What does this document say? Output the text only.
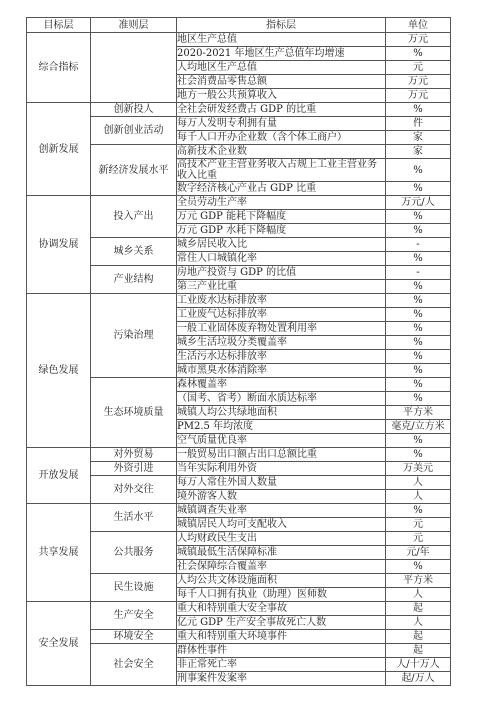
目标层	准则层	指标层	单位
综合指标		地区生产总值	万元
		2020-2021 年地区生产总值年均增速	%
		人均地区生产总值	元
		社会消费品零售总额	万元
		地方一般公共预算收入	万元
创新发展	创新投人	全社会研发经费占 GDP 的比重	%
	创新创业活动	每万人发明专利拥有量	件
		每千人口开办企业数（含个体工商户）	家
	新经济发展水平	高新技术企业数	家
		高技术产业主营业务收入占规上工业主营业务收入比重	%
		数字经济核心产业占 GDP 比重	%
协调发展	投入产出	全员劳动生产率	万元/人
		万元 GDP 能耗下降幅度	%
		万元 GDP 水耗下降幅度	%
	城乡关系	城乡居民收入比	-
		常住人口城镇化率	%
	产业结构	房地产投资与 GDP 的比值	-
		第三产业比重	%
绿色发展	污染治理	工业废水达标排放率	%
		工业废气达标排放率	%
		一般工业固体废弃物处置利用率	%
		城乡生活垃圾分类覆盖率	%
		生活污水达标排放率	%
		城市黑臭水体消除率	%
	生态环境质量	森林覆盖率	%
		（国考、省考）断面水质达标率	%
		城镇人均公共绿地面积	平方米
		PM2.5 年均浓度	毫克/立方米
		空气质量优良率	%
开放发展	对外贸易	一般贸易出口额占出口总额比重	%
	外资引进	当年实际利用外资	万美元
	对外交往	每万人常住外国人数量	人
		境外游客人数	人
共享发展	生活水平	城镇调查失业率	%
		城镇居民人均可支配收入	元
	公共服务	人均财政民生支出	元
		城镇最低生活保障标准	元/年
		社会保障综合覆盖率	%
	民生设施	人均公共文体设施面积	平方米
		每千人口拥有执业（助理）医师数	人
安全发展	生产安全	重大和特别重大安全事故	起
		亿元 GDP 生产安全事故死亡人数	人
	环境安全	重大和特别重大环境事件	起
	社会安全	群体性事件	起
		非正常死亡率	人/十万人
		刑事案件发案率	起/万人
